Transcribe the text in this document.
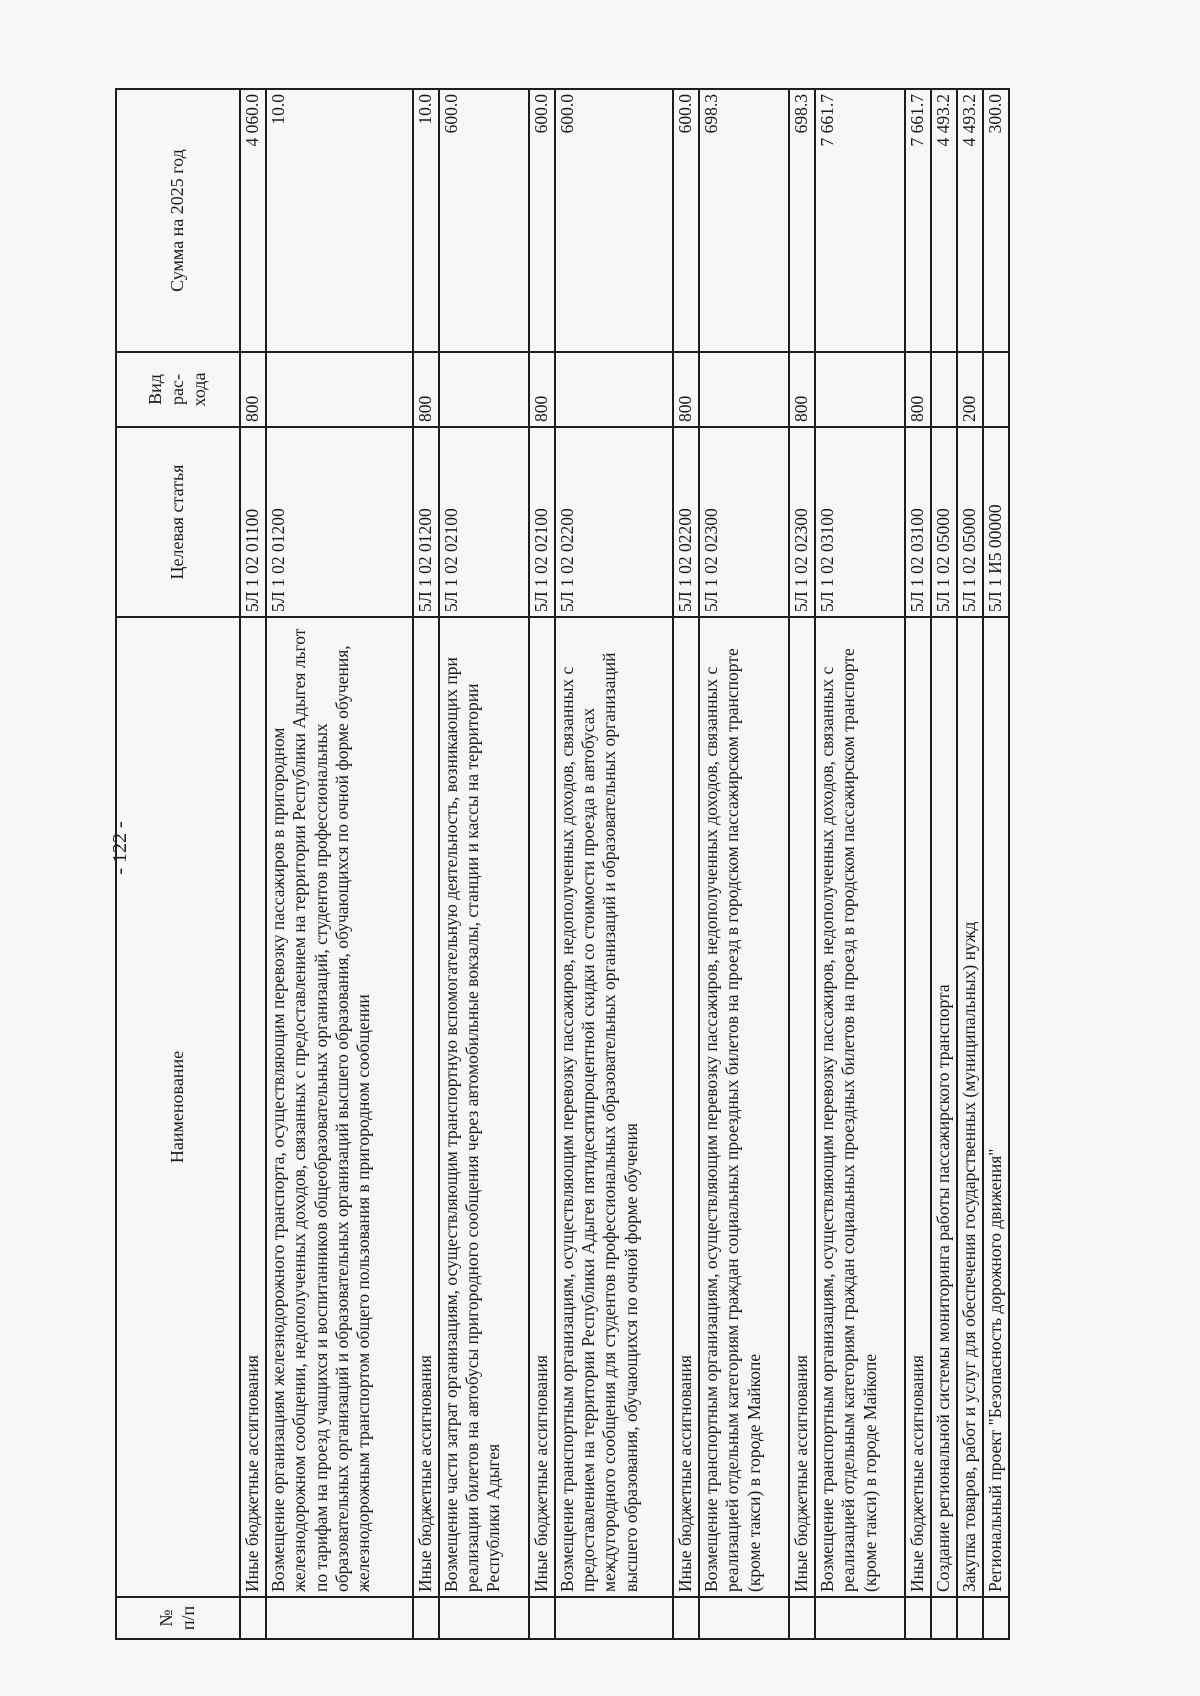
- 122 -
№ п/п	Наименование	Целевая статья	Вид рас- хода	Сумма на 2025 год
	Иные бюджетные ассигнования	5Л 1 02 01100	800	4 060.0
	Возмещение организациям железнодорожного транспорта, осуществляющим перевозку пассажиров в пригородном железнодорожном сообщении, недополученных доходов, связанных с предоставлением на территории Республики Адыгея льгот по тарифам на проезд учащихся и воспитанников общеобразовательных организаций, студентов профессиональных образовательных организаций и образовательных организаций высшего образования, обучающихся по очной форме обучения, железнодорожным транспортом общего пользования в пригородном сообщении	5Л 1 02 01200		10.0
	Иные бюджетные ассигнования	5Л 1 02 01200	800	10.0
	Возмещение части затрат организациям, осуществляющим транспортную вспомогательную деятельность, возникающих при реализации билетов на автобусы пригородного сообщения через автомобильные вокзалы, станции и кассы на территории Республики Адыгея	5Л 1 02 02100		600.0
	Иные бюджетные ассигнования	5Л 1 02 02100	800	600.0
	Возмещение транспортным организациям, осуществляющим перевозку пассажиров, недополученных доходов, связанных с предоставлением на территории Республики Адыгея пятидесятипроцентной скидки со стоимости проезда в автобусах междугородного сообщения для студентов профессиональных образовательных организаций и образовательных организаций высшего образования, обучающихся по очной форме обучения	5Л 1 02 02200		600.0
	Иные бюджетные ассигнования	5Л 1 02 02200	800	600.0
	Возмещение транспортным организациям, осуществляющим перевозку пассажиров, недополученных доходов, связанных с реализацией отдельным категориям граждан социальных проездных билетов на проезд в городском пассажирском транспорте (кроме такси) в городе Майкопе	5Л 1 02 02300		698.3
	Иные бюджетные ассигнования	5Л 1 02 02300	800	698.3
	Возмещение транспортным организациям, осуществляющим перевозку пассажиров, недополученных доходов, связанных с реализацией отдельным категориям граждан социальных проездных билетов на проезд в городском пассажирском транспорте (кроме такси) в городе Майкопе	5Л 1 02 03100		7 661.7
	Иные бюджетные ассигнования	5Л 1 02 03100	800	7 661.7
	Создание региональной системы мониторинга работы пассажирского транспорта	5Л 1 02 05000		4 493.2
	Закупка товаров, работ и услуг для обеспечения государственных (муниципальных) нужд	5Л 1 02 05000	200	4 493.2
	Региональный проект "Безопасность дорожного движения"	5Л 1 И5 00000		300.0
